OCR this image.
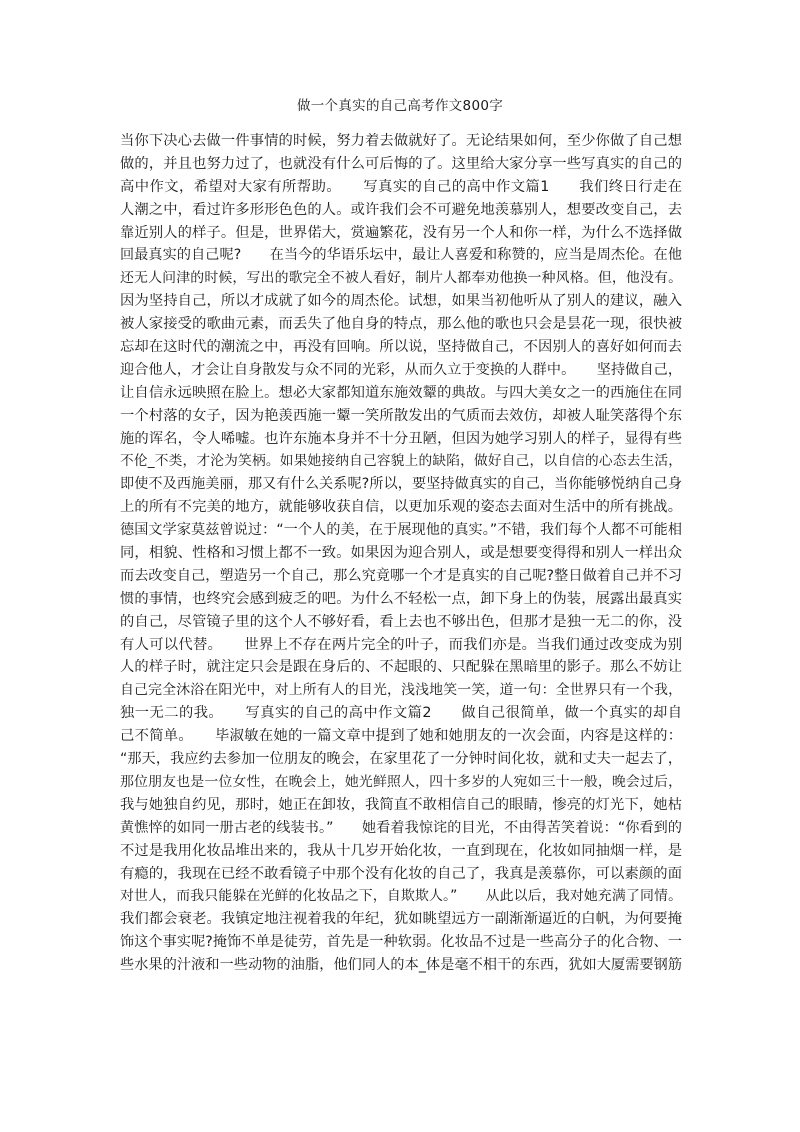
做一个真实的自己高考作文800字
当你下决心去做一件事情的时候，努力着去做就好了。无论结果如何，至少你做了自己想
做的，并且也努力过了，也就没有什么可后悔的了。这里给大家分享一些写真实的自己的
高中作文，希望对大家有所帮助。　　写真实的自己的高中作文篇1　　我们终日行走在
人潮之中，看过许多形形色色的人。或许我们会不可避免地羡慕别人，想要改变自己，去
靠近别人的样子。但是，世界偌大，赏遍繁花，没有另一个人和你一样，为什么不选择做
回最真实的自己呢?　　在当今的华语乐坛中，最让人喜爱和称赞的，应当是周杰伦。在他
还无人问津的时候，写出的歌完全不被人看好，制片人都奉劝他换一种风格。但，他没有。
因为坚持自己，所以才成就了如今的周杰伦。试想，如果当初他听从了别人的建议，融入
被人家接受的歌曲元素，而丢失了他自身的特点，那么他的歌也只会是昙花一现，很快被
忘却在这时代的潮流之中，再没有回响。所以说，坚持做自己，不因别人的喜好如何而去
迎合他人，才会让自身散发与众不同的光彩，从而久立于变换的人群中。　　坚持做自己，
让自信永远映照在脸上。想必大家都知道东施效颦的典故。与四大美女之一的西施住在同
一个村落的女子，因为艳羡西施一颦一笑所散发出的气质而去效仿，却被人耻笑落得个东
施的诨名，令人唏嘘。也许东施本身并不十分丑陋，但因为她学习别人的样子，显得有些
不伦_不类，才沦为笑柄。如果她接纳自己容貌上的缺陷，做好自己，以自信的心态去生活，
即使不及西施美丽，那又有什么关系呢?所以，要坚持做真实的自己，当你能够悦纳自己身
上的所有不完美的地方，就能够收获自信，以更加乐观的姿态去面对生活中的所有挑战。
德国文学家莫兹曾说过：“一个人的美，在于展现他的真实。”不错，我们每个人都不可能相
同，相貌、性格和习惯上都不一致。如果因为迎合别人，或是想要变得得和别人一样出众
而去改变自己，塑造另一个自己，那么究竟哪一个才是真实的自己呢?整日做着自己并不习
惯的事情，也终究会感到疲乏的吧。为什么不轻松一点，卸下身上的伪装，展露出最真实
的自己，尽管镜子里的这个人不够好看，看上去也不够出色，但那才是独一无二的你，没
有人可以代替。　　世界上不存在两片完全的叶子，而我们亦是。当我们通过改变成为别
人的样子时，就注定只会是跟在身后的、不起眼的、只配躲在黑暗里的影子。那么不妨让
自己完全沐浴在阳光中，对上所有人的目光，浅浅地笑一笑，道一句：全世界只有一个我，
独一无二的我。　　写真实的自己的高中作文篇2　　做自己很简单，做一个真实的却自
己不简单。　　毕淑敏在她的一篇文章中提到了她和她朋友的一次会面，内容是这样的：
“那天，我应约去参加一位朋友的晚会，在家里花了一分钟时间化妆，就和丈夫一起去了，
那位朋友也是一位女性，在晚会上，她光鲜照人，四十多岁的人宛如三十一般，晚会过后，
我与她独自约见，那时，她正在卸妆，我简直不敢相信自己的眼睛，惨亮的灯光下，她枯
黄憔悴的如同一册古老的线装书。”　　她看着我惊诧的目光，不由得苦笑着说：“你看到的
不过是我用化妆品堆出来的，我从十几岁开始化妆，一直到现在，化妆如同抽烟一样，是
有瘾的，我现在已经不敢看镜子中那个没有化妆的自己了，我真是羡慕你，可以素颜的面
对世人，而我只能躲在光鲜的化妆品之下，自欺欺人。”　　从此以后，我对她充满了同情。
我们都会衰老。我镇定地注视着我的年纪，犹如眺望远方一副渐渐逼近的白帆，为何要掩
饰这个事实呢?掩饰不单是徒劳，首先是一种软弱。化妆品不过是一些高分子的化合物、一
些水果的汁液和一些动物的油脂，他们同人的本_体是毫不相干的东西，犹如大厦需要钢筋
